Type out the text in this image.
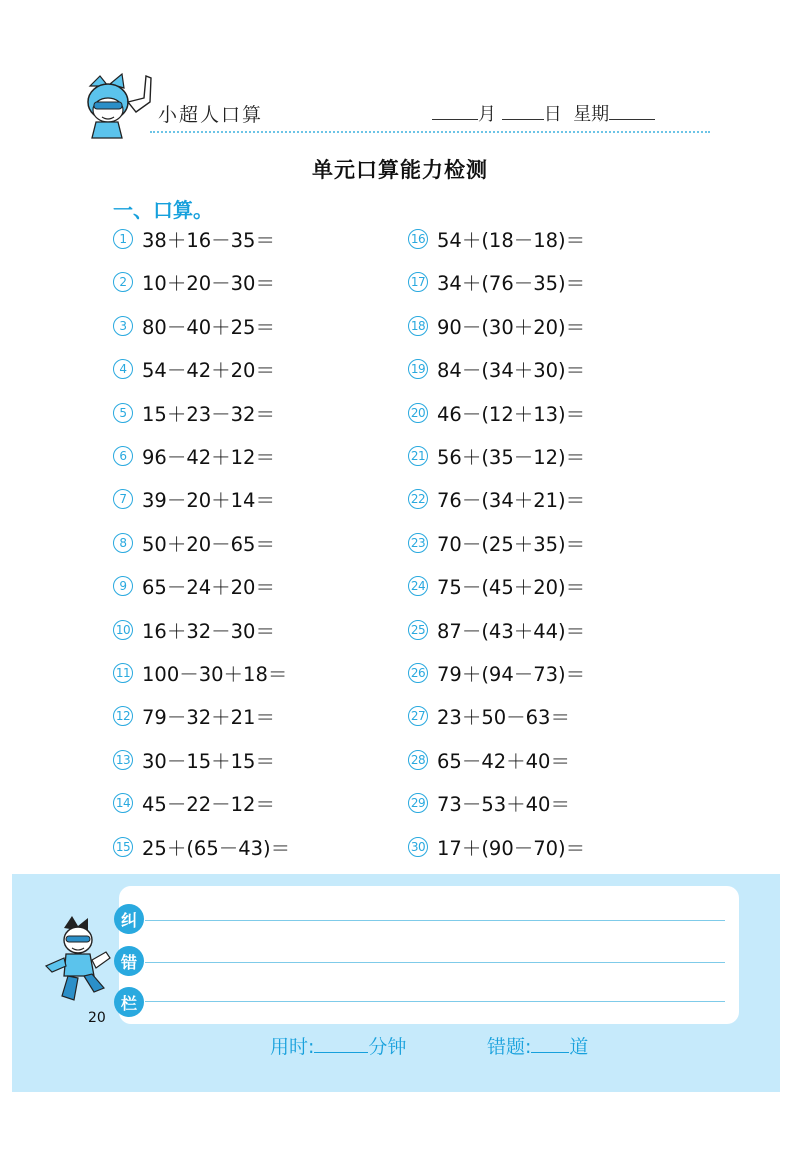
小超人口算	月	日 星期
单元口算能力检测
一、口算。
1 38＋16－35＝
2 10＋20－30＝
3 80－40＋25＝
4 54－42＋20＝
5 15＋23－32＝
6 96－42＋12＝
7 39－20＋14＝
8 50＋20－65＝
9 65－24＋20＝
10 16＋32－30＝
11 100－30＋18＝
12 79－32＋21＝
13 30－15＋15＝
14 45－22－12＝
15 25＋(65－43)＝
16 54＋(18－18)＝
17 34＋(76－35)＝
18 90－(30＋20)＝
19 84－(34＋30)＝
20 46－(12＋13)＝
21 56＋(35－12)＝
22 76－(34＋21)＝
23 70－(25＋35)＝
24 75－(45＋20)＝
25 87－(43＋44)＝
26 79＋(94－73)＝
27 23＋50－63＝
28 65－42＋40＝
29 73－53＋40＝
30 17＋(90－70)＝
纠
错
栏
20
用时:	分钟	错题: 道
